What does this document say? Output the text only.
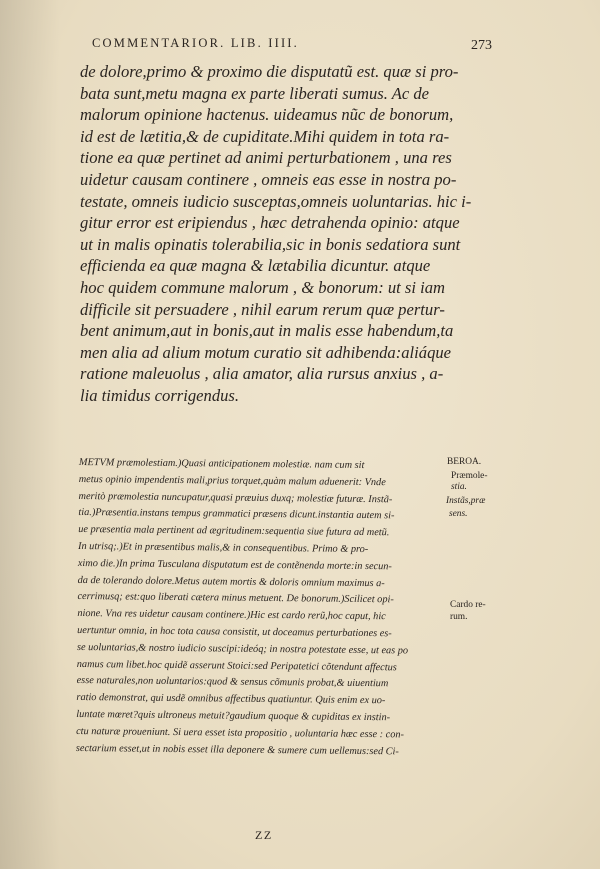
COMMENTARIOR. LIB. IIII.	273
de dolore,primo & proximo die disputatũ est. quæ si pro-
bata sunt,metu magna ex parte liberati sumus. Ac de
malorum opinione hactenus. uideamus nũc de bonorum,
id est de lætitia,& de cupiditate.Mihi quidem in tota ra-
tione ea quæ pertinet ad animi perturbationem , una res
uidetur causam continere , omneis eas esse in nostra po-
testate, omneis iudicio susceptas,omneis uoluntarias. hic i-
gitur error est eripiendus , hæc detrahenda opinio: atque
ut in malis opinatis tolerabilia,sic in bonis sedatiora sunt
efficienda ea quæ magna & lætabilia dicuntur. atque
hoc quidem commune malorum , & bonorum: ut si iam
difficile sit persuadere , nihil earum rerum quæ pertur-
bent animum,aut in bonis,aut in malis esse habendum,ta
men alia ad alium motum curatio sit adhibenda:aliáque
ratione maleuolus , alia amator, alia rursus anxius , a-
lia timidus corrigendus.
METVM præmolestiam.)Quasi anticipationem molestiæ. nam cum sit
metus opinio impendentis mali,prius torquet,quàm malum aduenerit: Vnde
meritò præmolestia nuncupatur,quasi præuius duxq; molestiæ futuræ. Instã-
tia.)Præsentia.instans tempus grammatici præsens dicunt.instantia autem si-
ue præsentia mala pertinent ad ægritudinem:sequentia siue futura ad metũ.
In utrisq;.)Et in præsentibus malis,& in consequentibus. Primo & pro-
ximo die.)In prima Tusculana disputatum est de contẽnenda morte:in secun-
da de tolerando dolore.Metus autem mortis & doloris omnium maximus a-
cerrimusq; est:quo liberati cætera minus metuent. De bonorum.)Scilicet opi-
nione. Vna res uidetur causam continere.)Hic est cardo rerũ,hoc caput, hic
uertuntur omnia, in hoc tota causa consistit, ut doceamus perturbationes es-
se uoluntarias,& nostro iudicio suscipi:ideóq; in nostra potestate esse, ut eas po
namus cum libet.hoc quidẽ asserunt Stoici:sed Peripatetici cõtendunt affectus
esse naturales,non uoluntarios:quod & sensus cõmunis probat,& uiuentium
ratio demonstrat, qui usdẽ omnibus affectibus quatiuntur. Quis enim ex uo-
luntate mœret?quis ultroneus metuit?gaudium quoque & cupiditas ex instin-
ctu naturæ proueniunt. Si uera esset ista propositio , uoluntaria hæc esse : con-
sectarium esset,ut in nobis esset illa deponere & sumere cum uellemus:sed Ci-
BEROA.
Præmole-
stia.
Instãs,præ
sens.
Cardo re-
rum.
ZZ
